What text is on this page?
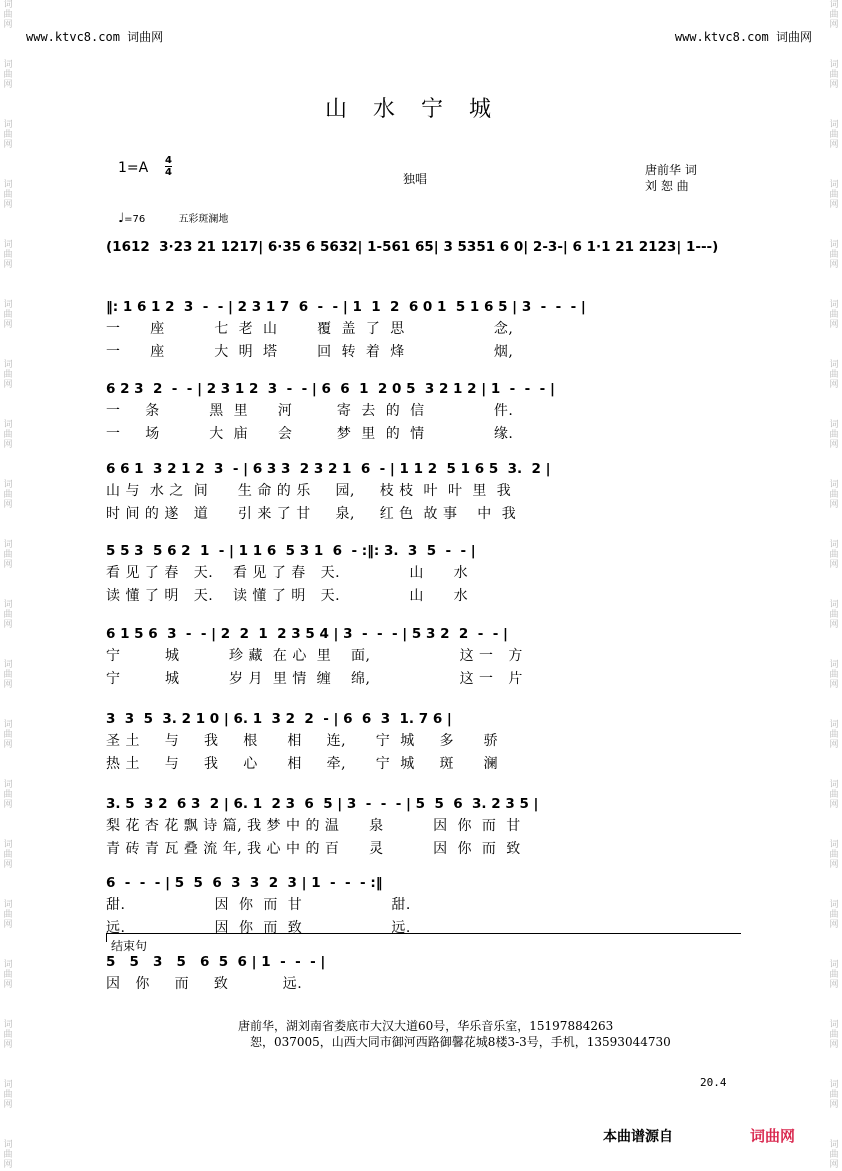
词曲网
词曲网
词曲网
词曲网
词曲网
词曲网
词曲网
词曲网
词曲网
词曲网
词曲网
词曲网
词曲网
词曲网
词曲网
词曲网
词曲网
词曲网
词曲网
词曲网
词曲网
词曲网
词曲网
词曲网
词曲网
词曲网
词曲网
词曲网
词曲网
词曲网
词曲网
词曲网
词曲网
词曲网
词曲网
词曲网
词曲网
词曲网
词曲网
词曲网
www.ktvc8.com 词曲网	www.ktvc8.com 词曲网
山水宁城
1=A 4
4	独唱
唐前华 词
刘 恕 曲
♩=76	五彩斑澜地
(1612  3·23 21 1217| 6·35 6 5632| 1-561 65| 3 5351 6 0| 2-3-| 6 1·1 21 2123| 1---)
‖: 1 6 1 2  3  -  - | 2 3 1 7  6  -  - | 1  1  2  6 0 1  5 1 6 5 | 3  -  -  - |
一      座          七  老  山        覆  盖  了  思                  念,
一      座          大  明  塔        回  转  着  烽                  烟,
6 2 3  2  -  - | 2 3 1 2  3  -  - | 6  6  1  2 0 5  3 2 1 2 | 1  -  -  - |
一     条          黑  里      河         寄  去  的  信              件.
一     场          大  庙      会         梦  里  的  情              缘.
6 6 1  3 2 1 2  3  - | 6 3 3  2 3 2 1  6  - | 1 1 2  5 1 6 5  3.  2 |
山 与  水 之  间      生 命 的 乐     园,     枝 枝  叶  叶  里  我
时 间 的 遂   道      引 来 了 甘     泉,     红 色  故 事    中  我
5 5 3  5 6 2  1  - | 1 1 6  5 3 1  6  - :‖: 3.  3  5  -  - |
看 见 了 春   天.    看 见 了 春   天.              山      水
读 懂 了 明   天.    读 懂 了 明   天.              山      水
6 1 5 6  3  -  - | 2  2  1  2 3 5 4 | 3  -  -  - | 5 3 2  2  -  - |
宁         城          珍 藏  在 心  里    面,                  这 一   方
宁         城          岁 月  里 情  缠    绵,                  这 一   片
3  3  5  3. 2 1 0 | 6. 1  3 2  2  - | 6  6  3  1. 7 6 |
圣 土     与     我     根      相     连,      宁  城     多      骄
热 土     与     我     心      相     牵,      宁  城     斑      澜
3. 5  3 2  6 3  2 | 6. 1  2 3  6  5 | 3  -  -  - | 5  5  6  3. 2 3 5 |
梨 花 杏 花 飘 诗 篇, 我 梦 中 的 温      泉          因  你  而  甘
青 砖 青 瓦 叠 流 年, 我 心 中 的 百      灵          因  你  而  致
6  -  -  - | 5  5  6  3  3  2  3 | 1  -  -  - :‖
甜.                  因  你  而  甘                  甜.
远.                  因  你  而  致                  远.
结束句
5   5   3   5   6  5  6 | 1  -  -  - |
因   你     而     致           远.
唐前华，湖刘南省娄底市大汉大道60号，华乐音乐室，15197884263
恕，037005，山西大同市御河西路御馨花城8楼3-3号，手机，13593044730
20.4
本曲谱源自	词曲网
